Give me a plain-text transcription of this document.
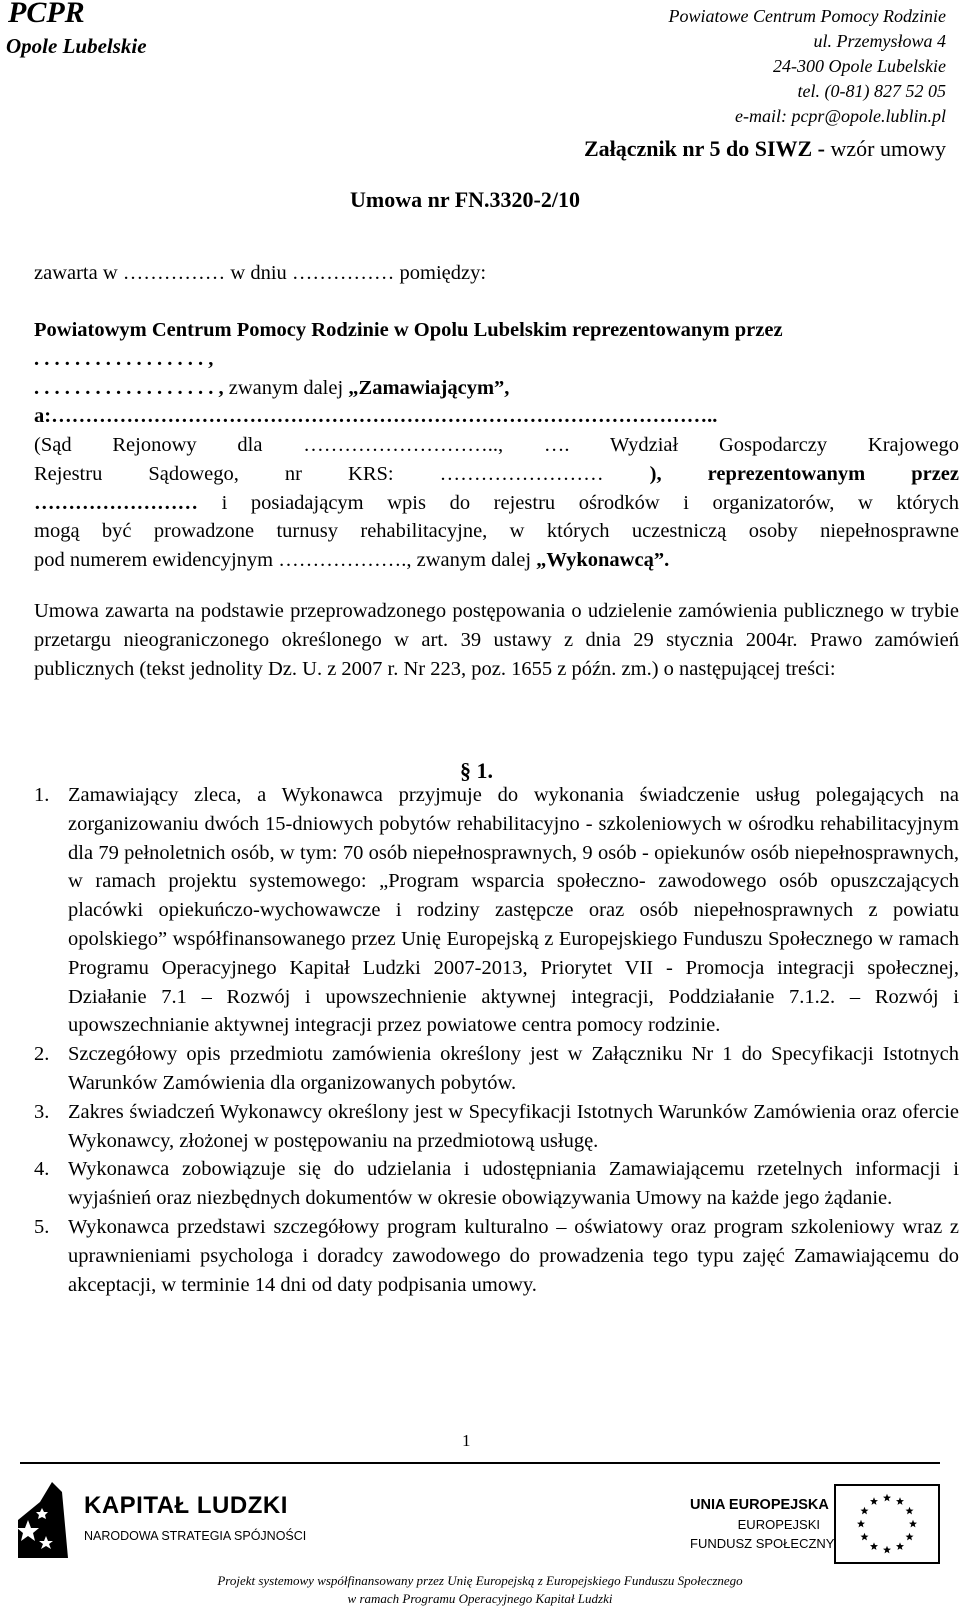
PCPR
Opole Lubelskie
Powiatowe Centrum Pomocy Rodzinie
ul. Przemysłowa 4
24-300 Opole Lubelskie
tel. (0-81) 827 52 05
e-mail: pcpr@opole.lublin.pl
Załącznik nr 5 do SIWZ - wzór umowy
Umowa nr FN.3320-2/10
zawarta w …………… w dniu …………… pomiędzy:
Powiatowym Centrum Pomocy Rodzinie w Opolu Lubelskim reprezentowanym przez
. . . . . . . . . . . . . . . . . ,
. . . . . . . . . . . . . . . . . . , zwanym dalej „Zamawiającym”,
a:……………………………………………………………………………………..
(Sąd Rejonowy dla ……………………….., …. Wydział Gospodarczy Krajowego
Rejestru Sądowego, nr KRS: …………………… ), reprezentowanym przez
…………………… i posiadającym wpis do rejestru ośrodków i organizatorów, w których
mogą być prowadzone turnusy rehabilitacyjne, w których uczestniczą osoby niepełnosprawne
pod numerem ewidencyjnym ………………., zwanym dalej „Wykonawcą”.
Umowa zawarta na podstawie przeprowadzonego postępowania o udzielenie zamówienia publicznego w trybie przetargu nieograniczonego określonego w art. 39 ustawy z dnia 29 stycznia 2004r. Prawo zamówień publicznych (tekst jednolity Dz. U. z 2007 r. Nr 223, poz. 1655 z późn. zm.) o następującej treści:
§ 1.
1. Zamawiający zleca, a Wykonawca przyjmuje do wykonania świadczenie usług polegających na zorganizowaniu dwóch 15-dniowych pobytów rehabilitacyjno - szkoleniowych w ośrodku rehabilitacyjnym dla 79 pełnoletnich osób, w tym: 70 osób niepełnosprawnych, 9 osób - opiekunów osób niepełnosprawnych, w ramach projektu systemowego: „Program wsparcia społeczno- zawodowego osób opuszczających placówki opiekuńczo-wychowawcze i rodziny zastępcze oraz osób niepełnosprawnych z powiatu opolskiego” współfinansowanego przez Unię Europejską z Europejskiego Funduszu Społecznego w ramach Programu Operacyjnego Kapitał Ludzki 2007-2013, Priorytet VII - Promocja integracji społecznej, Działanie 7.1 – Rozwój i upowszechnienie aktywnej integracji, Poddziałanie 7.1.2. – Rozwój i upowszechnianie aktywnej integracji przez powiatowe centra pomocy rodzinie.
2. Szczegółowy opis przedmiotu zamówienia określony jest w Załączniku Nr 1 do Specyfikacji Istotnych Warunków Zamówienia dla organizowanych pobytów.
3. Zakres świadczeń Wykonawcy określony jest w Specyfikacji Istotnych Warunków Zamówienia oraz ofercie Wykonawcy, złożonej w postępowaniu na przedmiotową usługę.
4. Wykonawca zobowiązuje się do udzielania i udostępniania Zamawiającemu rzetelnych informacji i wyjaśnień oraz niezbędnych dokumentów w okresie obowiązywania Umowy na każde jego żądanie.
5. Wykonawca przedstawi szczegółowy program kulturalno – oświatowy oraz program szkoleniowy wraz z uprawnieniami psychologa i doradcy zawodowego do prowadzenia tego typu zajęć Zamawiającemu do akceptacji, w terminie 14 dni od daty podpisania umowy.
1
KAPITAŁ LUDZKI
NARODOWA STRATEGIA SPÓJNOŚCI
UNIA EUROPEJSKA
EUROPEJSKI
FUNDUSZ SPOŁECZNY
Projekt systemowy współfinansowany przez Unię Europejską z Europejskiego Funduszu Społecznego
w ramach Programu Operacyjnego Kapitał Ludzki
